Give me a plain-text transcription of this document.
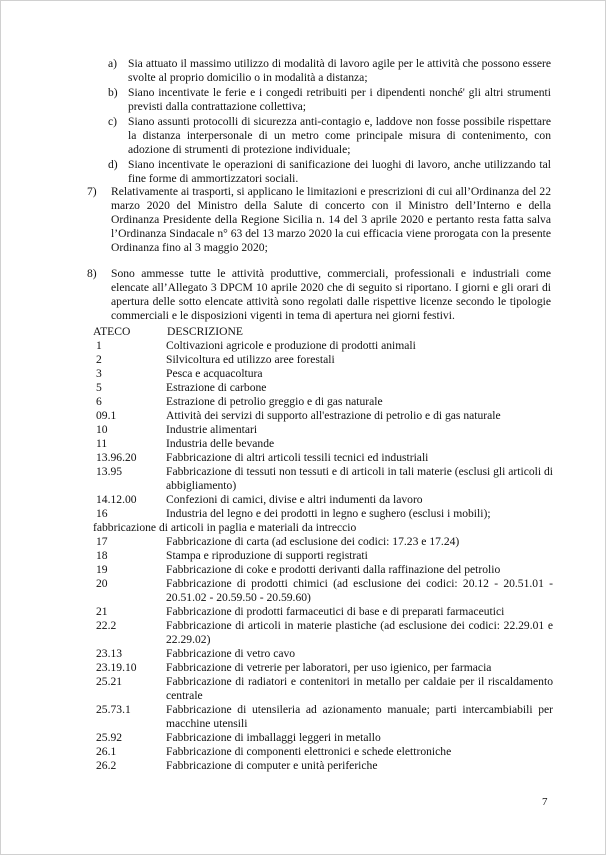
a) Sia attuato il massimo utilizzo di modalità di lavoro agile per le attività che possono essere svolte al proprio domicilio o in modalità a distanza;
b) Siano incentivate le ferie e i congedi retribuiti per i dipendenti nonché' gli altri strumenti previsti dalla contrattazione collettiva;
c) Siano assunti protocolli di sicurezza anti-contagio e, laddove non fosse possibile rispettare la distanza interpersonale di un metro come principale misura di contenimento, con adozione di strumenti di protezione individuale;
d) Siano incentivate le operazioni di sanificazione dei luoghi di lavoro, anche utilizzando tal fine forme di ammortizzatori sociali.
7)	Relativamente ai trasporti, si applicano le limitazioni e prescrizioni di cui all’Ordinanza del 22 marzo 2020 del Ministro della Salute di concerto con il Ministro dell’Interno e della Ordinanza Presidente della Regione Sicilia n. 14 del 3 aprile 2020 e pertanto resta fatta salva l’Ordinanza Sindacale n° 63 del 13 marzo 2020 la cui efficacia viene prorogata con la presente Ordinanza fino al 3 maggio 2020;
8)	Sono ammesse tutte le attività produttive, commerciali, professionali e industriali come elencate all’Allegato 3 DPCM 10 aprile 2020 che di seguito si riportano. I giorni e gli orari di apertura delle sotto elencate attività sono regolati dalle rispettive licenze secondo le tipologie commerciali e le disposizioni vigenti in tema di apertura nei giorni festivi.
ATECO	DESCRIZIONE
1	Coltivazioni agricole e produzione di prodotti animali
2	Silvicoltura ed utilizzo aree forestali
3	Pesca e acquacoltura
5	Estrazione di carbone
6	Estrazione di petrolio greggio e di gas naturale
09.1	Attività dei servizi di supporto all'estrazione di petrolio e di gas naturale
10	Industrie alimentari
11	Industria delle bevande
13.96.20	Fabbricazione di altri articoli tessili tecnici ed industriali
13.95	Fabbricazione di tessuti non tessuti e di articoli in tali materie (esclusi gli articoli di abbigliamento)
14.12.00	Confezioni di camici, divise e altri indumenti da lavoro
16	Industria del legno e dei prodotti in legno e sughero (esclusi i mobili);
fabbricazione di articoli in paglia e materiali da intreccio
17	Fabbricazione di carta (ad esclusione dei codici: 17.23 e 17.24)
18	Stampa e riproduzione di supporti registrati
19	Fabbricazione di coke e prodotti derivanti dalla raffinazione del petrolio
20	Fabbricazione di prodotti chimici (ad esclusione dei codici: 20.12 - 20.51.01 - 20.51.02 - 20.59.50 - 20.59.60)
21	Fabbricazione di prodotti farmaceutici di base e di preparati farmaceutici
22.2	Fabbricazione di articoli in materie plastiche (ad esclusione dei codici: 22.29.01 e 22.29.02)
23.13	Fabbricazione di vetro cavo
23.19.10	Fabbricazione di vetrerie per laboratori, per uso igienico, per farmacia
25.21	Fabbricazione di radiatori e contenitori in metallo per caldaie per il riscaldamento centrale
25.73.1	Fabbricazione di utensileria ad azionamento manuale; parti intercambiabili per macchine utensili
25.92	Fabbricazione di imballaggi leggeri in metallo
26.1	Fabbricazione di componenti elettronici e schede elettroniche
26.2	Fabbricazione di computer e unità periferiche
7
